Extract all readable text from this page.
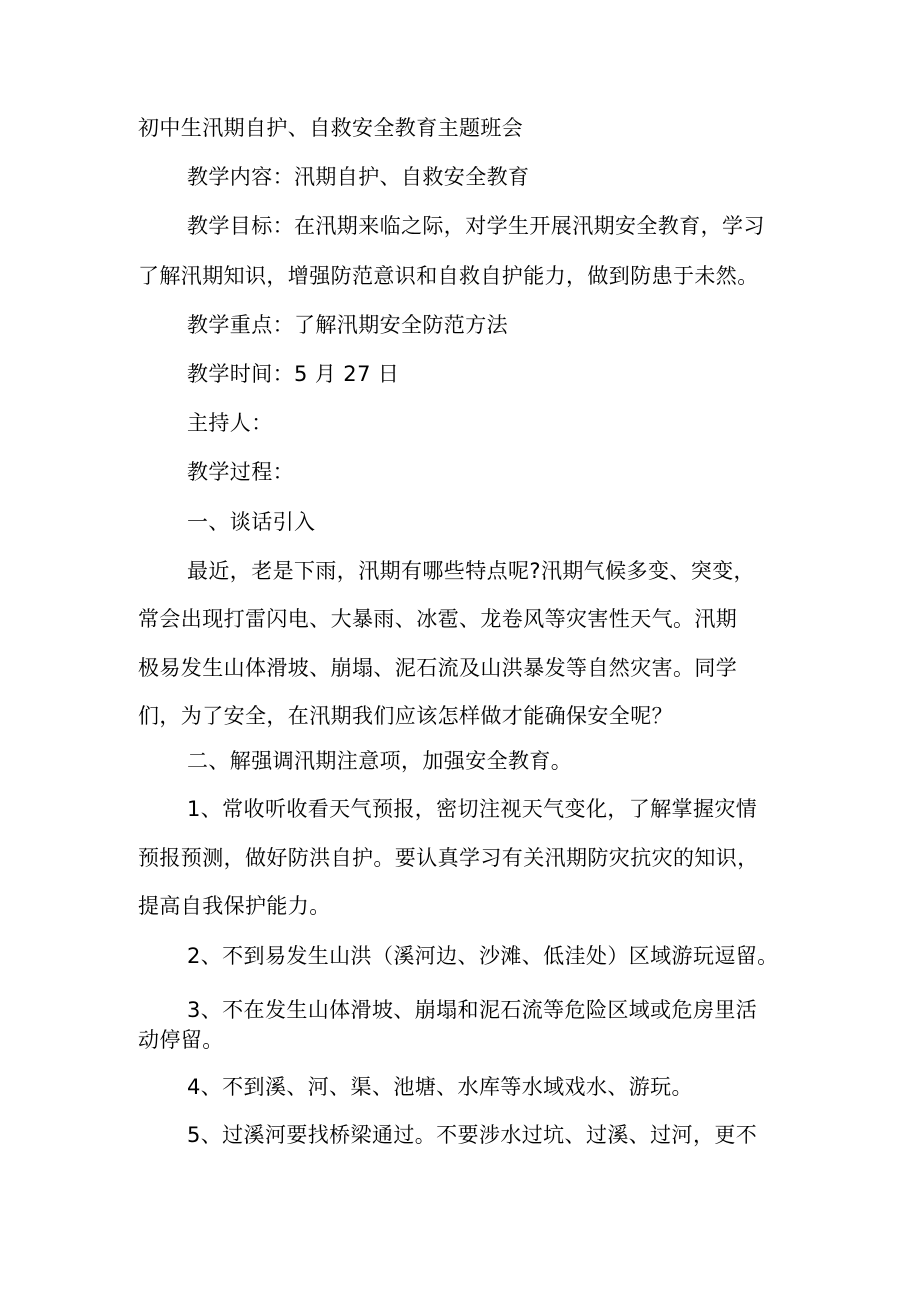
初中生汛期自护、自救安全教育主题班会

教学内容：汛期自护、自救安全教育

教学目标：在汛期来临之际，对学生开展汛期安全教育，学习

了解汛期知识，增强防范意识和自救自护能力，做到防患于未然。

教学重点：了解汛期安全防范方法

教学时间：5 月 27 日

主持人：

教学过程：

一、谈话引入

最近，老是下雨，汛期有哪些特点呢?汛期气候多变、突变，

常会出现打雷闪电、大暴雨、冰雹、龙卷风等灾害性天气。汛期

极易发生山体滑坡、崩塌、泥石流及山洪暴发等自然灾害。同学

们，为了安全，在汛期我们应该怎样做才能确保安全呢？

二、解强调汛期注意项，加强安全教育。

1、常收听收看天气预报，密切注视天气变化，了解掌握灾情

预报预测，做好防洪自护。要认真学习有关汛期防灾抗灾的知识，

提高自我保护能力。

2、不到易发生山洪（溪河边、沙滩、低洼处）区域游玩逗留。

3、不在发生山体滑坡、崩塌和泥石流等危险区域或危房里活

动停留。

4、不到溪、河、渠、池塘、水库等水域戏水、游玩。

5、过溪河要找桥梁通过。不要涉水过坑、过溪、过河，更不
